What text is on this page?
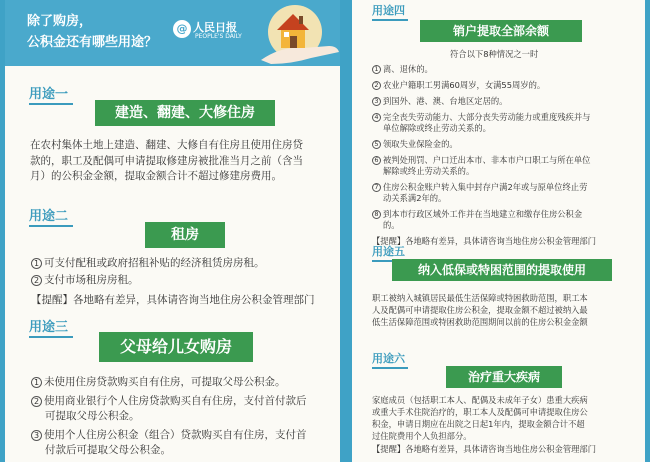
除了购房，
公积金还有哪些用途？
@ 人民日报
PEOPLE'S DAILY
用途一
建造、翻建、大修住房
在农村集体土地上建造、翻建、大修自有住房且使用住房贷
款的，职工及配偶可申请提取修建房被批准当月之前（含当
月）的公积金金额，提取金额合计不超过修建房费用。
用途二
租房
1 可支付配租或政府招租补贴的经济租赁房房租。
2 支付市场租房房租。
【提醒】各地略有差异，具体请咨询当地住房公积金管理部门
用途三
父母给儿女购房
1 未使用住房贷款购买自有住房，可提取父母公积金。
2 使用商业银行个人住房贷款购买自有住房，支付首付款后
可提取父母公积金。
3 使用个人住房公积金（组合）贷款购买自有住房，支付首
付款后可提取父母公积金。
用途四
销户提取全部余额
符合以下8种情况之一时
1 离、退休的。
2 农业户籍职工男满60周岁，女满55周岁的。
3 到国外、港、澳、台地区定居的。
4 完全丧失劳动能力、大部分丧失劳动能力或重度残疾并与
单位解除或终止劳动关系的。
5 领取失业保险金的。
6 被判处刑罚、户口迁出本市、非本市户口职工与所在单位
解除或终止劳动关系的。
7 住房公积金账户转入集中封存户满2年或与原单位终止劳
动关系满2年的。
8 到本市行政区域外工作并在当地建立和缴存住房公积金
的。
【提醒】各地略有差异，具体请咨询当地住房公积金管理部门
用途五
纳入低保或特困范围的提取使用
职工被纳入城镇居民最低生活保障或特困救助范围，职工本
人及配偶可申请提取住房公积金，提取金额不超过被纳入最
低生活保障范围或特困救助范围期间以前的住房公积金金额
用途六
治疗重大疾病
家庭成员（包括职工本人、配偶及未成年子女）患重大疾病
或重大手术住院治疗的，职工本人及配偶可申请提取住房公
积金，申请日期应在出院之日起1年内，提取金额合计不超
过住院费用个人负担部分。
【提醒】各地略有差异，具体请咨询当地住房公积金管理部门
